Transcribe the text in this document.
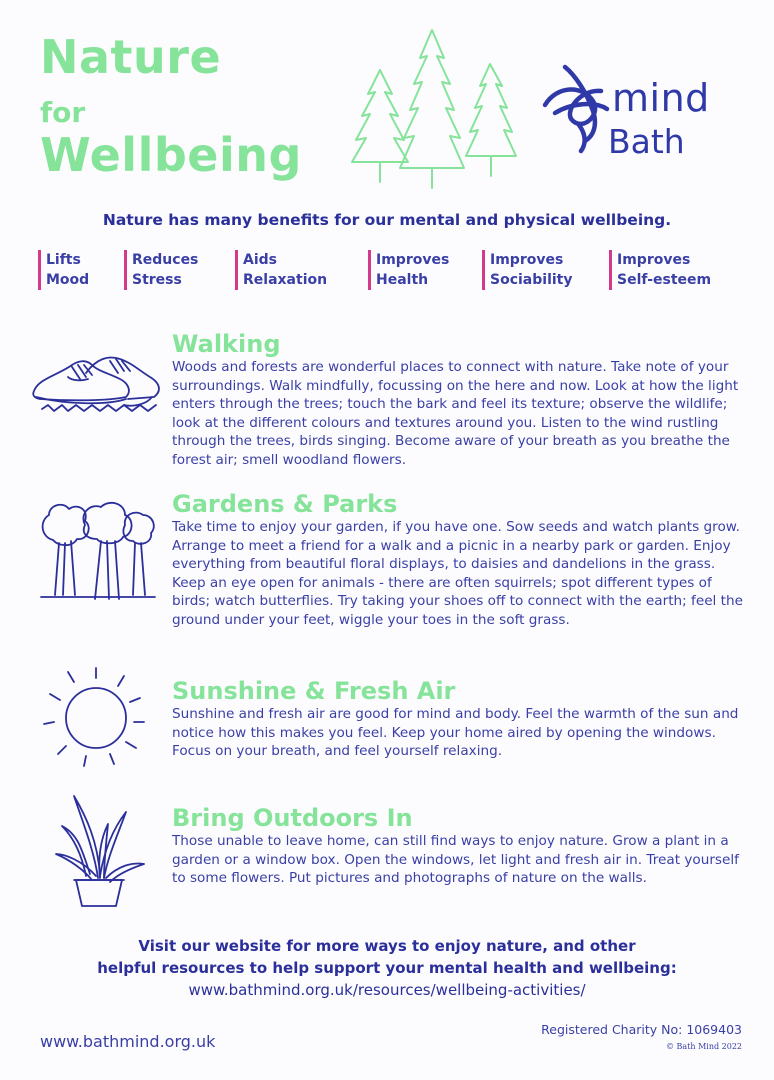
Nature
for
Wellbeing
mind
Bath
Nature has many benefits for our mental and physical wellbeing.
Lifts
Mood
Reduces
Stress
Aids
Relaxation
Improves
Health
Improves
Sociability
Improves
Self-esteem
Walking

Woods and forests are wonderful places to connect with nature. Take note of your surroundings. Walk mindfully, focussing on the here and now. Look at how the light enters through the trees; touch the bark and feel its texture; observe the wildlife; look at the different colours and textures around you. Listen to the wind rustling through the trees, birds singing. Become aware of your breath as you breathe the forest air; smell woodland flowers.

Gardens & Parks

Take time to enjoy your garden, if you have one. Sow seeds and watch plants grow. Arrange to meet a friend for a walk and a picnic in a nearby park or garden. Enjoy everything from beautiful floral displays, to daisies and dandelions in the grass. Keep an eye open for animals - there are often squirrels; spot different types of birds; watch butterflies. Try taking your shoes off to connect with the earth; feel the ground under your feet, wiggle your toes in the soft grass.

Sunshine & Fresh Air

Sunshine and fresh air are good for mind and body. Feel the warmth of the sun and notice how this makes you feel. Keep your home aired by opening the windows. Focus on your breath, and feel yourself relaxing.

Bring Outdoors In

Those unable to leave home, can still find ways to enjoy nature. Grow a plant in a garden or a window box. Open the windows, let light and fresh air in. Treat yourself to some flowers. Put pictures and photographs of nature on the walls.

Visit our website for more ways to enjoy nature, and other
helpful resources to help support your mental health and wellbeing:
www.bathmind.org.uk/resources/wellbeing-activities/
www.bathmind.org.uk
Registered Charity No: 1069403
© Bath Mind 2022
